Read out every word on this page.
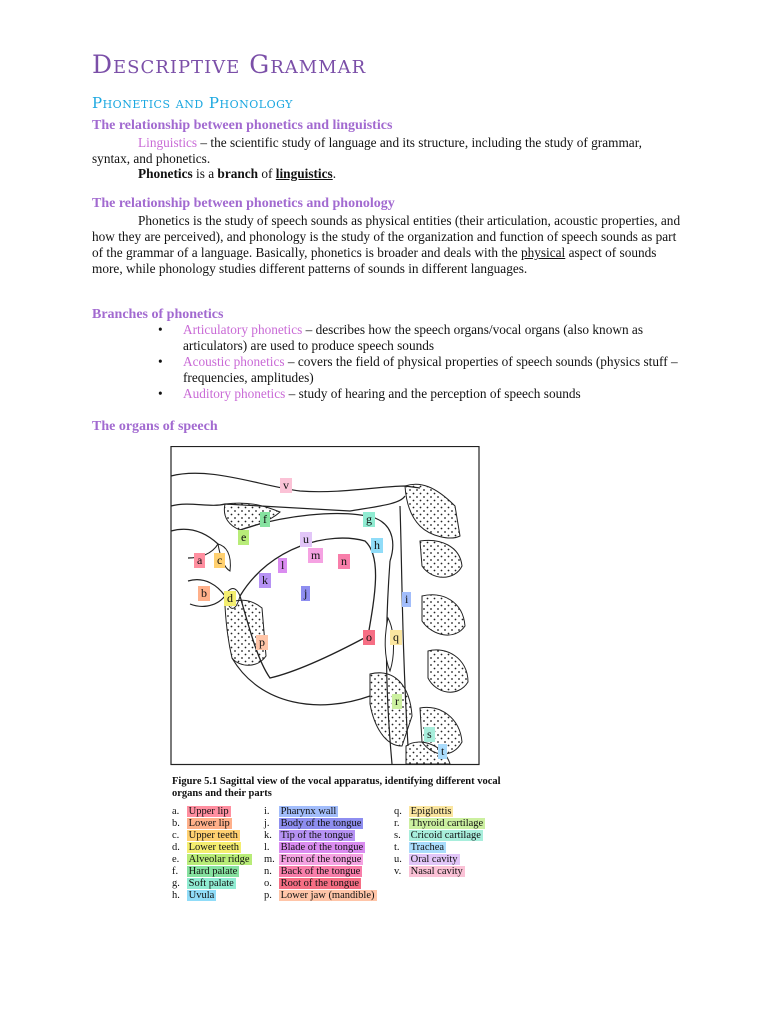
Descriptive Grammar
Phonetics and Phonology
The relationship between phonetics and linguistics
Linguistics – the scientific study of language and its structure, including the study of grammar, syntax, and phonetics.
Phonetics is a branch of linguistics.
The relationship between phonetics and phonology
Phonetics is the study of speech sounds as physical entities (their articulation, acoustic properties, and how they are perceived), and phonology is the study of the organization and function of speech sounds as part of the grammar of a language. Basically, phonetics is broader and deals with the physical aspect of sounds more, while phonology studies different patterns of sounds in different languages.
Branches of phonetics
• Articulatory phonetics – describes how the speech organs/vocal organs (also known as articulators) are used to produce speech sounds
• Acoustic phonetics – covers the field of physical properties of speech sounds (physics stuff – frequencies, amplitudes)
• Auditory phonetics – study of hearing and the perception of speech sounds
The organs of speech
v
f
e
a c
g
h
u
m
l	n
k
j
b d	i
p	o q
r
s
t
Figure 5.1 Sagittal view of the vocal apparatus, identifying different vocal organs and their parts
a. Upper lip
b. Lower lip
c. Upper teeth
d. Lower teeth
e. Alveolar ridge
f. Hard palate
g. Soft palate
h. Uvula
i. Pharynx wall
j. Body of the tongue
k. Tip of the tongue
l. Blade of the tongue
m. Front of the tongue
n. Back of the tongue
o. Root of the tongue
p. Lower jaw (mandible)
q. Epiglottis
r. Thyroid cartilage
s. Cricoid cartilage
t. Trachea
u. Oral cavity
v. Nasal cavity
